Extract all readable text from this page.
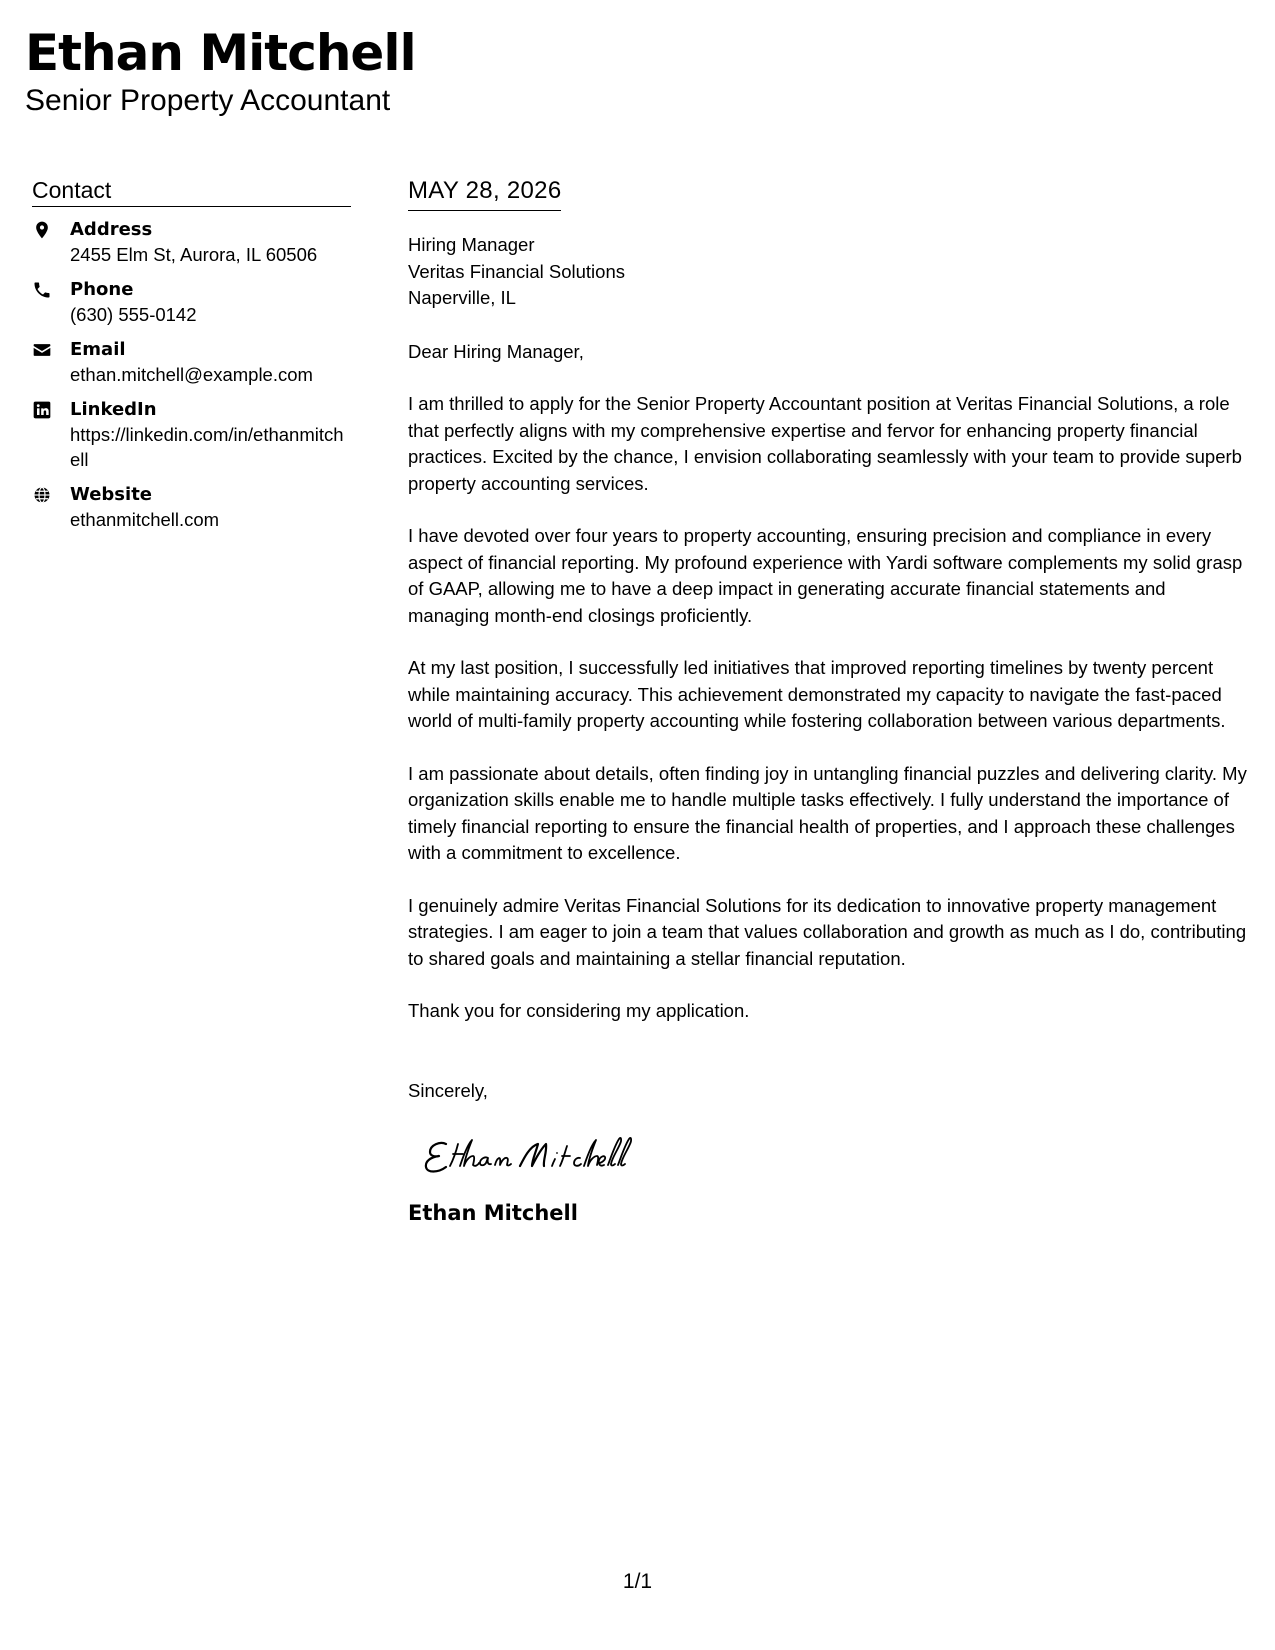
Ethan Mitchell
Senior Property Accountant
Contact
Address
2455 Elm St, Aurora, IL 60506
Phone
(630) 555-0142
Email
ethan.mitchell@example.com
LinkedIn
https://linkedin.com/in/ethanmitchell
Website
ethanmitchell.com
MAY 28, 2026
Hiring Manager
Veritas Financial Solutions
Naperville, IL
Dear Hiring Manager,
I am thrilled to apply for the Senior Property Accountant position at Veritas Financial Solutions, a role that perfectly aligns with my comprehensive expertise and fervor for enhancing property financial practices. Excited by the chance, I envision collaborating seamlessly with your team to provide superb property accounting services.
I have devoted over four years to property accounting, ensuring precision and compliance in every aspect of financial reporting. My profound experience with Yardi software complements my solid grasp of GAAP, allowing me to have a deep impact in generating accurate financial statements and managing month-end closings proficiently.
At my last position, I successfully led initiatives that improved reporting timelines by twenty percent while maintaining accuracy. This achievement demonstrated my capacity to navigate the fast-paced world of multi-family property accounting while fostering collaboration between various departments.
I am passionate about details, often finding joy in untangling financial puzzles and delivering clarity. My organization skills enable me to handle multiple tasks effectively. I fully understand the importance of timely financial reporting to ensure the financial health of properties, and I approach these challenges with a commitment to excellence.
I genuinely admire Veritas Financial Solutions for its dedication to innovative property management strategies. I am eager to join a team that values collaboration and growth as much as I do, contributing to shared goals and maintaining a stellar financial reputation.
Thank you for considering my application.
Sincerely,
Ethan Mitchell
1/1
